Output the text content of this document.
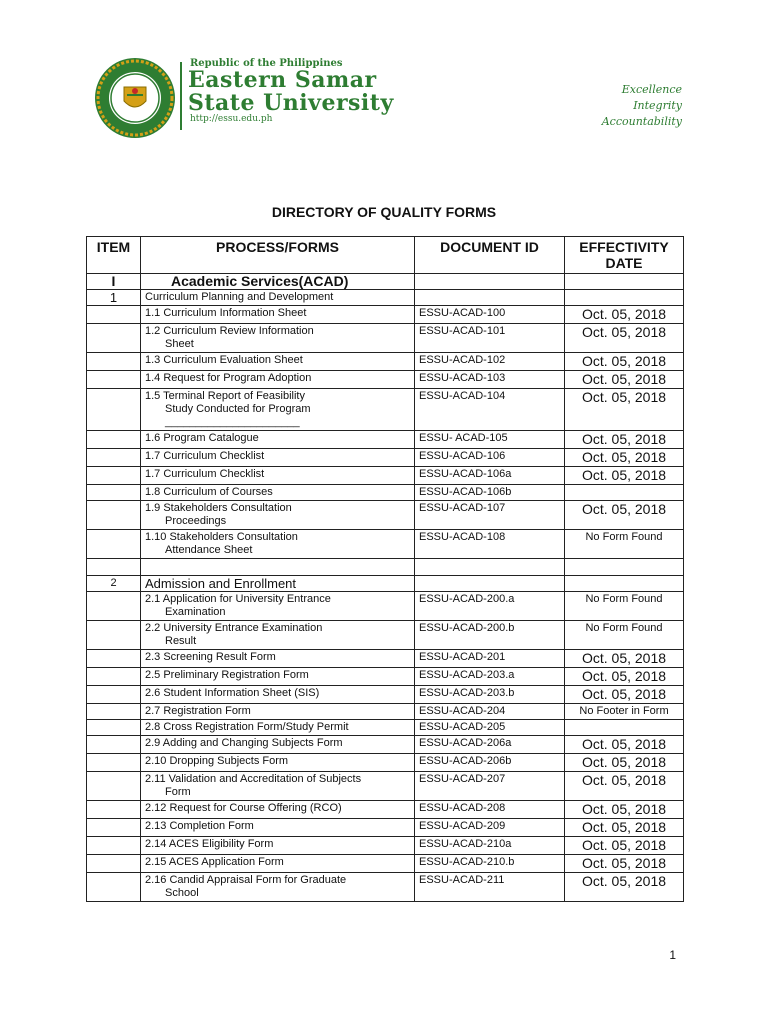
Republic of the Philippines
Eastern Samar
State University
http://essu.edu.ph
Excellence
Integrity
Accountability
DIRECTORY OF QUALITY FORMS
ITEM	PROCESS/FORMS	DOCUMENT ID	EFFECTIVITY
DATE
I	Academic Services(ACAD)		
1	Curriculum Planning and Development		
	1.1 Curriculum Information Sheet	ESSU-ACAD-100	Oct. 05, 2018
	1.2 Curriculum Review Information
Sheet	ESSU-ACAD-101	Oct. 05, 2018
	1.3 Curriculum Evaluation Sheet	ESSU-ACAD-102	Oct. 05, 2018
	1.4 Request for Program Adoption	ESSU-ACAD-103	Oct. 05, 2018
	1.5 Terminal Report of Feasibility
Study Conducted for Program
______________________	ESSU-ACAD-104	Oct. 05, 2018
	1.6 Program Catalogue	ESSU- ACAD-105	Oct. 05, 2018
	1.7 Curriculum Checklist	ESSU-ACAD-106	Oct. 05, 2018
	1.7 Curriculum Checklist	ESSU-ACAD-106a	Oct. 05, 2018
	1.8 Curriculum of Courses	ESSU-ACAD-106b	
	1.9 Stakeholders Consultation
Proceedings	ESSU-ACAD-107	Oct. 05, 2018
	1.10 Stakeholders Consultation
Attendance Sheet	ESSU-ACAD-108	No Form Found

2	Admission and Enrollment		
	2.1 Application for University Entrance
Examination	ESSU-ACAD-200.a	No Form Found
	2.2 University Entrance Examination
Result	ESSU-ACAD-200.b	No Form Found
	2.3 Screening Result Form	ESSU-ACAD-201	Oct. 05, 2018
	2.5 Preliminary Registration Form	ESSU-ACAD-203.a	Oct. 05, 2018
	2.6 Student Information Sheet (SIS)	ESSU-ACAD-203.b	Oct. 05, 2018
	2.7 Registration Form	ESSU-ACAD-204	No Footer in Form
	2.8 Cross Registration Form/Study Permit	ESSU-ACAD-205	
	2.9 Adding and Changing Subjects Form	ESSU-ACAD-206a	Oct. 05, 2018
	2.10 Dropping Subjects Form	ESSU-ACAD-206b	Oct. 05, 2018
	2.11 Validation and Accreditation of Subjects
Form	ESSU-ACAD-207	Oct. 05, 2018
	2.12 Request for Course Offering (RCO)	ESSU-ACAD-208	Oct. 05, 2018
	2.13 Completion Form	ESSU-ACAD-209	Oct. 05, 2018
	2.14 ACES Eligibility Form	ESSU-ACAD-210a	Oct. 05, 2018
	2.15 ACES Application Form	ESSU-ACAD-210.b	Oct. 05, 2018
	2.16 Candid Appraisal Form for Graduate
School	ESSU-ACAD-211	Oct. 05, 2018
1
